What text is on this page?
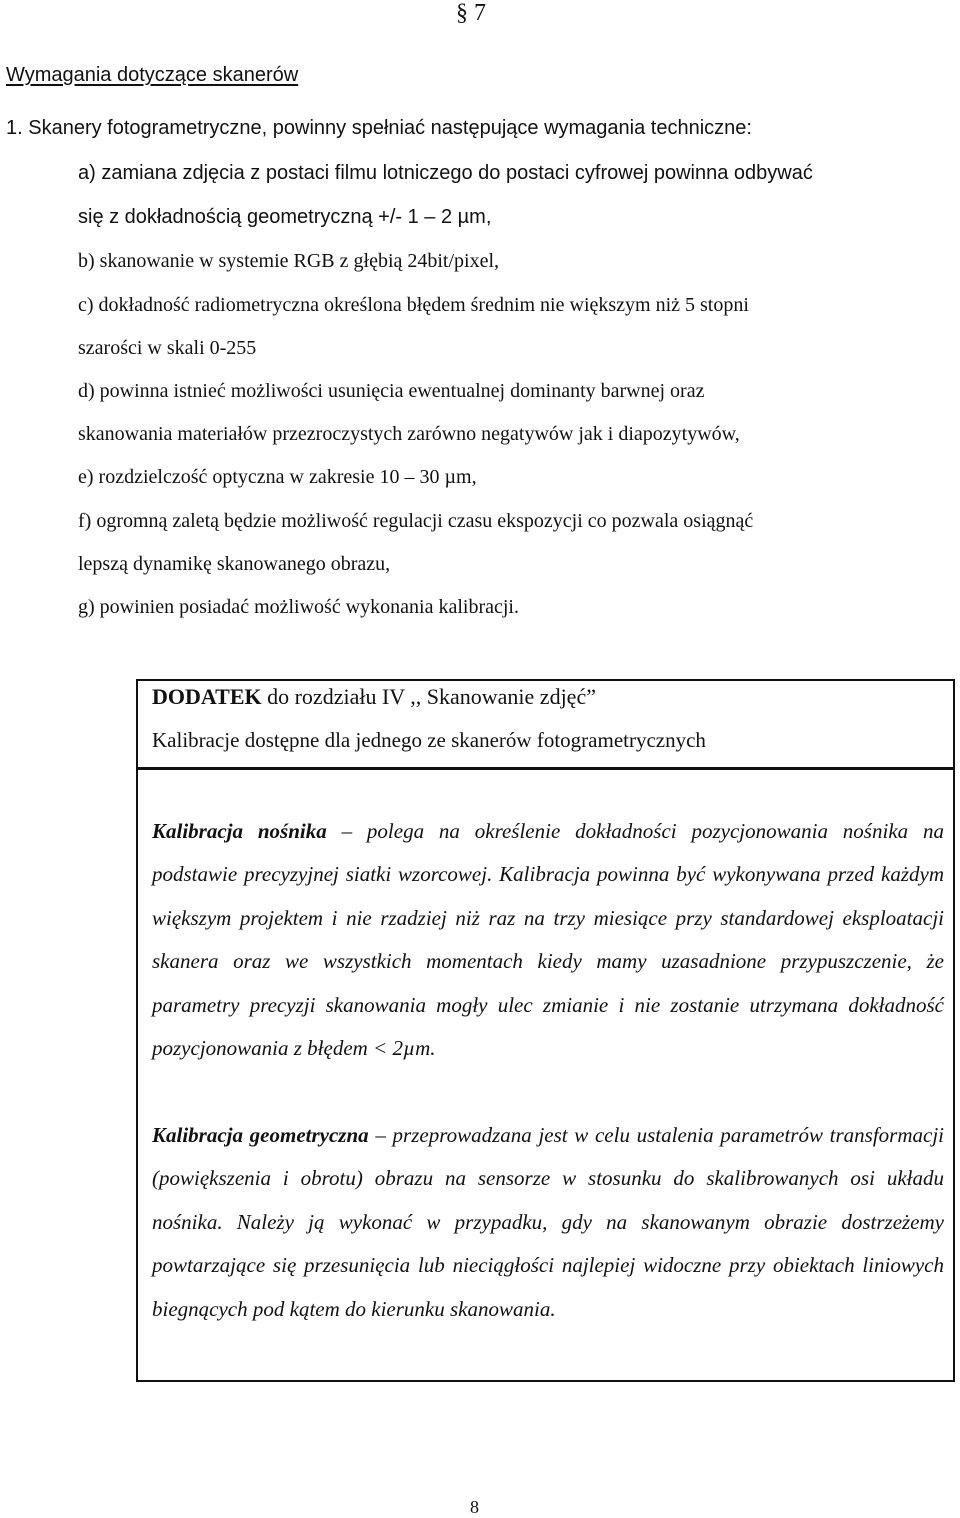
§ 7
Wymagania dotyczące skanerów
1. Skanery fotogrametryczne, powinny spełniać następujące wymagania techniczne:
a) zamiana zdjęcia z postaci filmu lotniczego do postaci cyfrowej powinna odbywać
się z dokładnością geometryczną +/- 1 – 2 µm,
b) skanowanie w systemie RGB z głębią 24bit/pixel,
c) dokładność radiometryczna określona błędem średnim nie większym niż 5 stopni
szarości w skali 0-255
d) powinna istnieć możliwości usunięcia ewentualnej dominanty barwnej oraz
skanowania materiałów przezroczystych zarówno negatywów jak i diapozytywów,
e) rozdzielczość optyczna w zakresie 10 – 30 µm,
f) ogromną zaletą będzie możliwość regulacji czasu ekspozycji co pozwala osiągnąć
lepszą dynamikę skanowanego obrazu,
g) powinien posiadać możliwość wykonania kalibracji.
DODATEK do rozdziału IV ,, Skanowanie zdjęć”
Kalibracje dostępne dla jednego ze skanerów fotogrametrycznych
Kalibracja nośnika – polega na określenie dokładności pozycjonowania nośnika na podstawie precyzyjnej siatki wzorcowej. Kalibracja powinna być wykonywana przed każdym większym projektem i nie rzadziej niż raz na trzy miesiące przy standardowej eksploatacji skanera oraz we wszystkich momentach kiedy mamy uzasadnione przypuszczenie, że parametry precyzji skanowania mogły ulec zmianie i nie zostanie utrzymana dokładność pozycjonowania z błędem < 2µm.
Kalibracja geometryczna – przeprowadzana jest w celu ustalenia parametrów transformacji (powiększenia i obrotu) obrazu na sensorze w stosunku do skalibrowanych osi układu nośnika. Należy ją wykonać w przypadku, gdy na skanowanym obrazie dostrzeżemy powtarzające się przesunięcia lub nieciągłości najlepiej widoczne przy obiektach liniowych biegnących pod kątem do kierunku skanowania.
8
